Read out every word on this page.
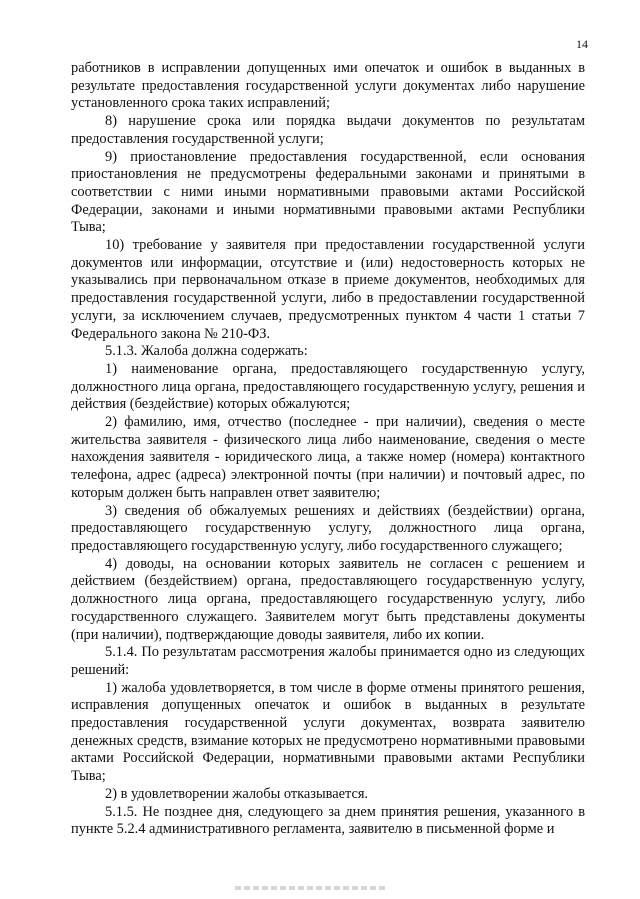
14

работников в исправлении допущенных ими опечаток и ошибок в выданных в результате предоставления государственной услуги документах либо нарушение установленного срока таких исправлений;

8) нарушение срока или порядка выдачи документов по результатам предоставления государственной услуги;

9) приостановление предоставления государственной, если основания приостановления не предусмотрены федеральными законами и принятыми в соответствии с ними иными нормативными правовыми актами Российской Федерации, законами и иными нормативными правовыми актами Республики Тыва;

10) требование у заявителя при предоставлении государственной услуги документов или информации, отсутствие и (или) недостоверность которых не указывались при первоначальном отказе в приеме документов, необходимых для предоставления государственной услуги, либо в предоставлении государственной услуги, за исключением случаев, предусмотренных пунктом 4 части 1 статьи 7 Федерального закона № 210-ФЗ.

5.1.3. Жалоба должна содержать:

1) наименование органа, предоставляющего государственную услугу, должностного лица органа, предоставляющего государственную услугу, решения и действия (бездействие) которых обжалуются;

2) фамилию, имя, отчество (последнее - при наличии), сведения о месте жительства заявителя - физического лица либо наименование, сведения о месте нахождения заявителя - юридического лица, а также номер (номера) контактного телефона, адрес (адреса) электронной почты (при наличии) и почтовый адрес, по которым должен быть направлен ответ заявителю;

3) сведения об обжалуемых решениях и действиях (бездействии) органа, предоставляющего государственную услугу, должностного лица органа, предоставляющего государственную услугу, либо государственного служащего;

4) доводы, на основании которых заявитель не согласен с решением и действием (бездействием) органа, предоставляющего государственную услугу, должностного лица органа, предоставляющего государственную услугу, либо государственного служащего. Заявителем могут быть представлены документы (при наличии), подтверждающие доводы заявителя, либо их копии.

5.1.4. По результатам рассмотрения жалобы принимается одно из следующих решений:

1) жалоба удовлетворяется, в том числе в форме отмены принятого решения, исправления допущенных опечаток и ошибок в выданных в результате предоставления государственной услуги документах, возврата заявителю денежных средств, взимание которых не предусмотрено нормативными правовыми актами Российской Федерации, нормативными правовыми актами Республики Тыва;

2) в удовлетворении жалобы отказывается.

5.1.5. Не позднее дня, следующего за днем принятия решения, указанного в пункте 5.2.4 административного регламента, заявителю в письменной форме и
